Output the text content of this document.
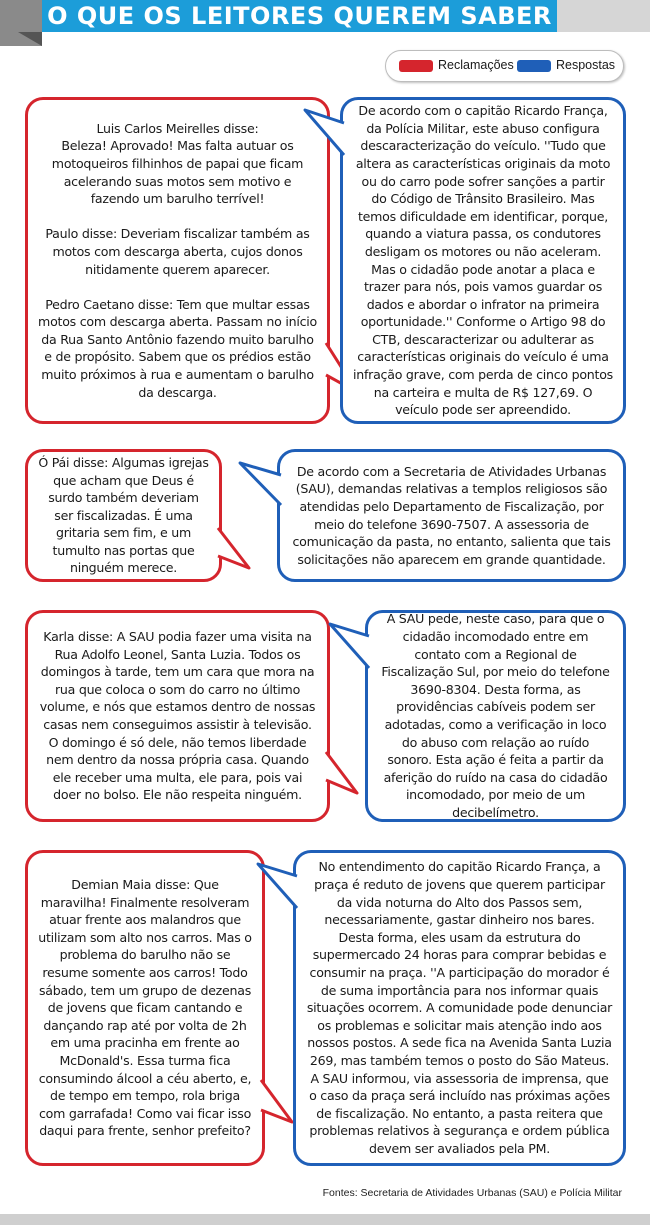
O QUE OS LEITORES QUEREM SABER
Reclamações	Respostas
Luis Carlos Meirelles disse:
Beleza! Aprovado! Mas falta autuar os motoqueiros filhinhos de papai que ficam acelerando suas motos sem motivo e fazendo um barulho terrível!

Paulo disse: Deveriam fiscalizar também as motos com descarga aberta, cujos donos nitidamente querem aparecer.

Pedro Caetano disse: Tem que multar essas motos com descarga aberta. Passam no início da Rua Santo Antônio fazendo muito barulho e de propósito. Sabem que os prédios estão muito próximos à rua e aumentam o barulho da descarga.
De acordo com o capitão Ricardo França, da Polícia Militar, este abuso configura descaracterização do veículo. ''Tudo que altera as características originais da moto ou do carro pode sofrer sanções a partir do Código de Trânsito Brasileiro. Mas temos dificuldade em identificar, porque, quando a viatura passa, os condutores desligam os motores ou não aceleram. Mas o cidadão pode anotar a placa e trazer para nós, pois vamos guardar os dados e abordar o infrator na primeira oportunidade.'' Conforme o Artigo 98 do CTB, descaracterizar ou adulterar as características originais do veículo é uma infração grave, com perda de cinco pontos na carteira e multa de R$ 127,69. O veículo pode ser apreendido.
Ó Pái disse: Algumas igrejas que acham que Deus é surdo também deveriam ser fiscalizadas. É uma gritaria sem fim, e um tumulto nas portas que ninguém merece.
De acordo com a Secretaria de Atividades Urbanas (SAU), demandas relativas a templos religiosos são atendidas pelo Departamento de Fiscalização, por meio do telefone 3690-7507. A assessoria de comunicação da pasta, no entanto, salienta que tais solicitações não aparecem em grande quantidade.
Karla disse: A SAU podia fazer uma visita na Rua Adolfo Leonel, Santa Luzia. Todos os domingos à tarde, tem um cara que mora na rua que coloca o som do carro no último volume, e nós que estamos dentro de nossas casas nem conseguimos assistir à televisão. O domingo é só dele, não temos liberdade nem dentro da nossa própria casa. Quando ele receber uma multa, ele para, pois vai doer no bolso. Ele não respeita ninguém.
A SAU pede, neste caso, para que o cidadão incomodado entre em contato com a Regional de Fiscalização Sul, por meio do telefone 3690-8304. Desta forma, as providências cabíveis podem ser adotadas, como a verificação in loco do abuso com relação ao ruído sonoro. Esta ação é feita a partir da aferição do ruído na casa do cidadão incomodado, por meio de um decibelímetro.
Demian Maia disse: Que maravilha! Finalmente resolveram atuar frente aos malandros que utilizam som alto nos carros. Mas o problema do barulho não se resume somente aos carros! Todo sábado, tem um grupo de dezenas de jovens que ficam cantando e dançando rap até por volta de 2h em uma pracinha em frente ao McDonald's. Essa turma fica consumindo álcool a céu aberto, e, de tempo em tempo, rola briga com garrafada! Como vai ficar isso daqui para frente, senhor prefeito?
No entendimento do capitão Ricardo França, a praça é reduto de jovens que querem participar da vida noturna do Alto dos Passos sem, necessariamente, gastar dinheiro nos bares. Desta forma, eles usam da estrutura do supermercado 24 horas para comprar bebidas e consumir na praça. ''A participação do morador é de suma importância para nos informar quais situações ocorrem. A comunidade pode denunciar os problemas e solicitar mais atenção indo aos nossos postos. A sede fica na Avenida Santa Luzia 269, mas também temos o posto do São Mateus.
A SAU informou, via assessoria de imprensa, que o caso da praça será incluído nas próximas ações de fiscalização. No entanto, a pasta reitera que problemas relativos à segurança e ordem pública devem ser avaliados pela PM.
Fontes: Secretaria de Atividades Urbanas (SAU) e Polícia Militar
